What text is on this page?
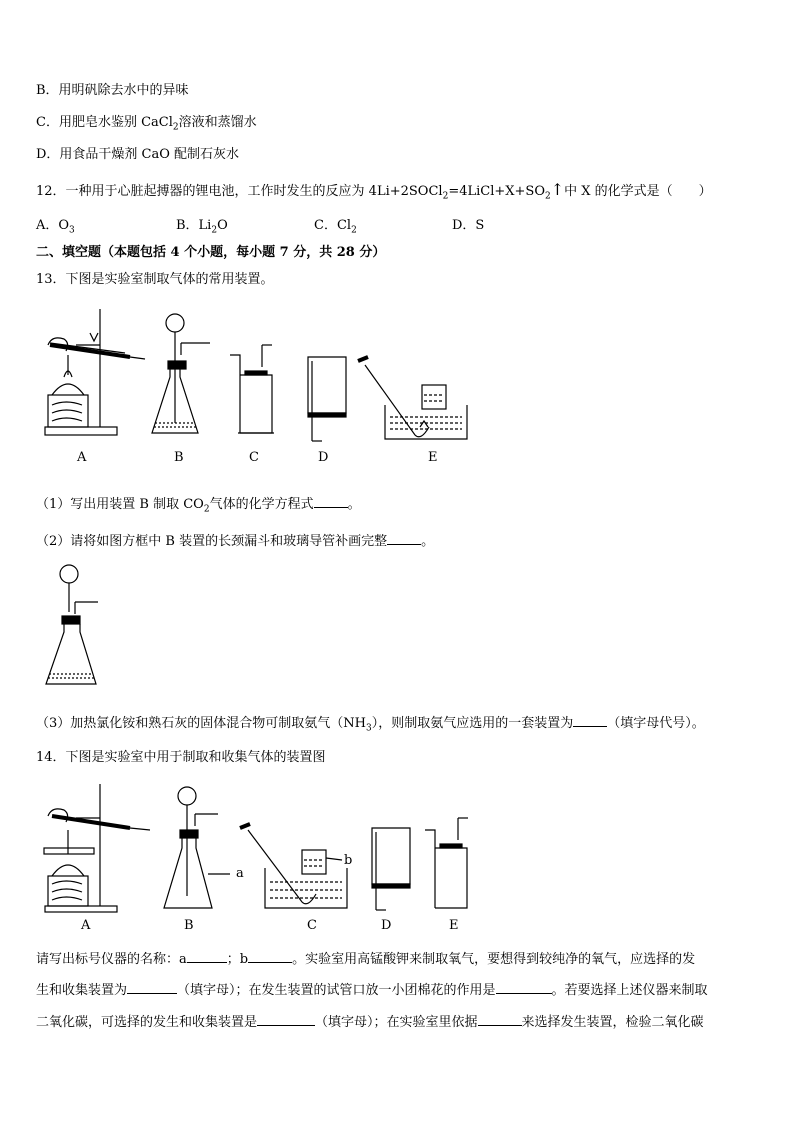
B．用明矾除去水中的异味
C．用肥皂水鉴别 CaCl$_2$溶液和蒸馏水
D．用食品干燥剂 CaO 配制石灰水
12．一种用于心脏起搏器的锂电池，工作时发生的反应为 $4Li+2SOCl_2=4LiCl+X+SO_2↑$中 X 的化学式是（　　）
A．$O_3$	B．$Li_2O$	C．$Cl_2$	D．S
二、填空题（本题包括 4 个小题，每小题 7 分，共 28 分）
13．下图是实验室制取气体的常用装置。
A	B	C	D	E
（1）写出用装置 B 制取 $CO_2$气体的化学方程式	。
（2）请将如图方框中 B 装置的长颈漏斗和玻璃导管补画完整	。
（3）加热氯化铵和熟石灰的固体混合物可制取氨气$(NH_3)$，则制取氨气应选用的一套装置为	（填字母代号）。
14．下图是实验室中用于制取和收集气体的装置图
a
b
A	B	C	D	E
请写出标号仪器的名称：a	；b	。实验室用高锰酸钾来制取氧气，要想得到较纯净的氧气，应选择的发
生和收集装置为	（填字母）；在发生装置的试管口放一小团棉花的作用是	。若要选择上述仪器来制取
二氧化碳，可选择的发生和收集装置是	（填字母）；在实验室里依据	来选择发生装置，检验二氧化碳
